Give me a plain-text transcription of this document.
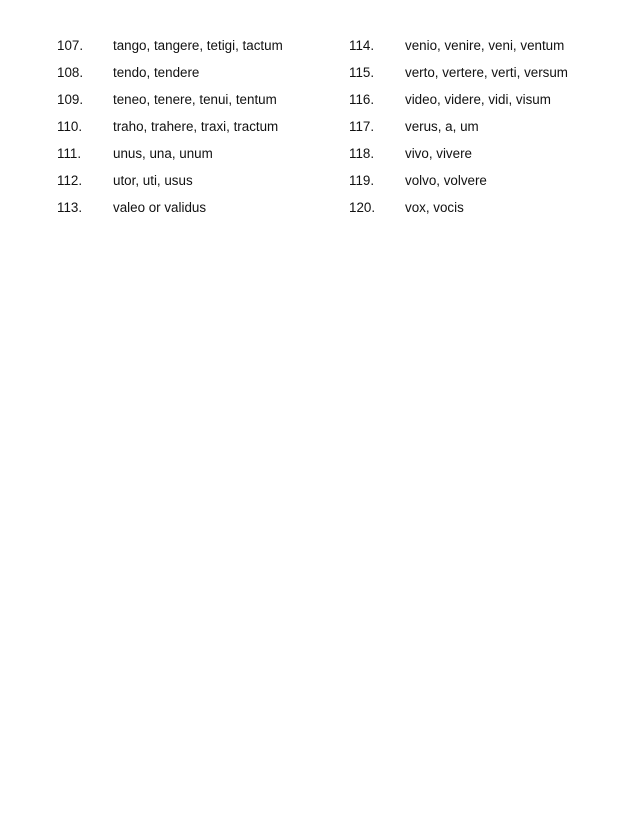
107. tango, tangere, tetigi, tactum
108. tendo, tendere
109. teneo, tenere, tenui, tentum
110. traho, trahere, traxi, tractum
111. unus, una, unum
112. utor, uti, usus
113. valeo or validus
114. venio, venire, veni, ventum
115. verto, vertere, verti, versum
116. video, videre, vidi, visum
117. verus, a, um
118. vivo, vivere
119. volvo, volvere
120. vox, vocis
